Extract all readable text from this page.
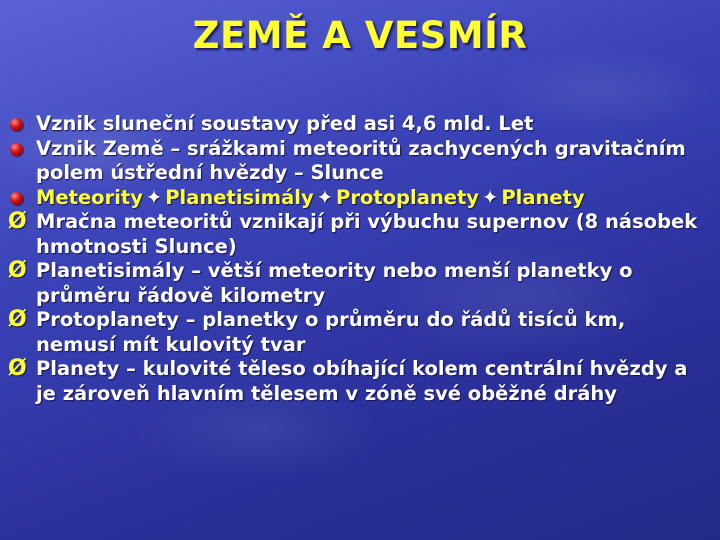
ZEMĚ A VESMÍR
Vznik sluneční soustavy před asi 4,6 mld. Let
Vznik Země – srážkami meteoritů zachycených gravitačním polem ústřední hvězdy – Slunce
Meteority ✦ Planetisimály ✦ Protoplanety ✦ Planety
Ø Mračna meteoritů vznikají při výbuchu supernov (8 násobek hmotnosti Slunce)
Ø Planetisimály – větší meteority nebo menší planetky o průměru řádově kilometry
Ø Protoplanety – planetky o průměru do řádů tisíců km, nemusí mít kulovitý tvar
Ø Planety – kulovité těleso obíhající kolem centrální hvězdy a je zároveň hlavním tělesem v zóně své oběžné dráhy
